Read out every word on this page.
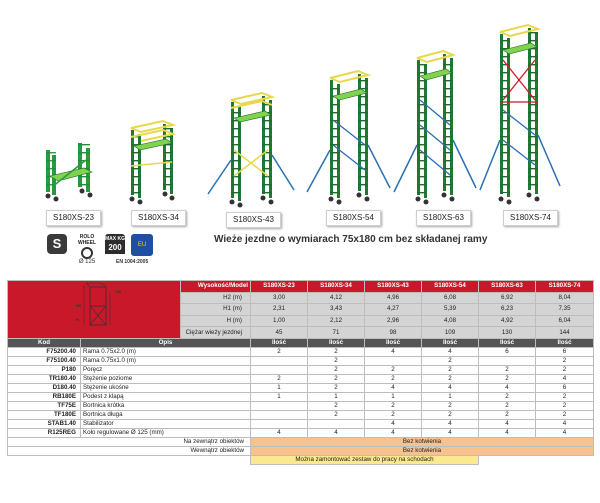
S180XS-23	S180XS-34	S180XS-43	S180XS-54	S180XS-63	S180XS-74
S	ROLO WHEEL
Ø 125
MAX KG
200	EU
EN 1004:2005
Wieże jezdne o wymiarach 75x180 cm bez składanej ramy
H2
H1
H		Wysokość/Model	S180XS-23	S180XS-34	S180XS-43	S180XS-54	S180XS-63	S180XS-74
		H2 (m)	3,00	4,12	4,96	6,08	6,92	8,04
		H1 (m)	2,31	3,43	4,27	5,39	6,23	7,35
		H (m)	1,00	2,12	2,96	4,08	4,92	6,04
		Ciężar wieży jezdnej	45	71	98	109	130	144
Kod	Opis		Ilość	Ilość	Ilość	Ilość	Ilość	Ilość
F75200.40	Rama 0.75x2.0 (m)		2	2	4	4	6	6
F75100.40	Rama 0.75x1.0 (m)			2		2		2
P180	Poręcz			2	2	2	2	2
TR180.40	Stężenie poziome		2	2	2	2	2	4
D180.40	Stężenie ukośne		1	2	4	4	4	6
RB180E	Podest z klapą		1	1	1	1	2	2
TF75E	Bortnica krótka			2	2	2	2	2
TF180E	Bortnica długa			2	2	2	2	2
STAB1.40	Stabilizator				4	4	4	4
R125REG	Koło regulowane Ø 125 (mm)		4	4	4	4	4	4
Na zewnątrz obiektów			Bez kotwienia					
Wewnątrz obiektów			Bez kotwienia					
			Można zamontować zestaw do pracy na schodach					
